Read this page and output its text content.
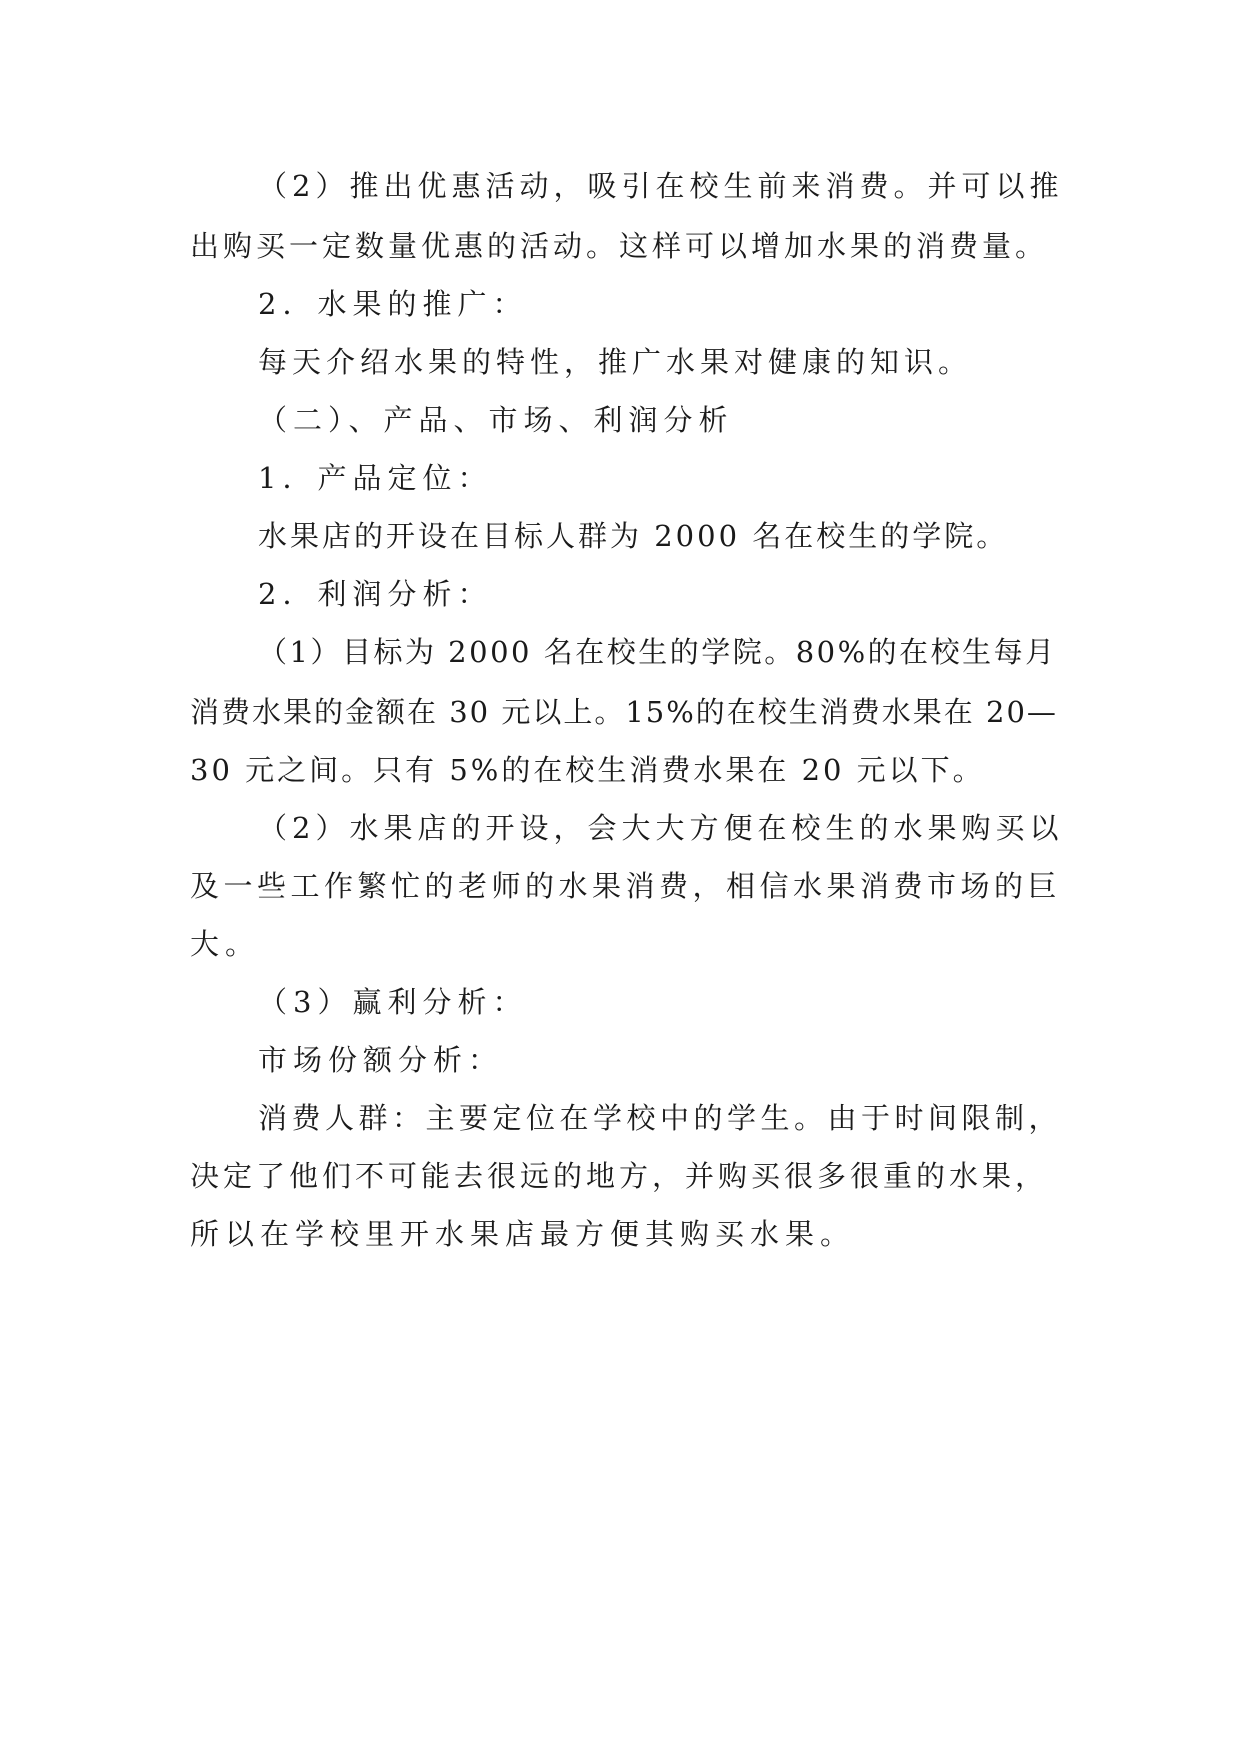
（2）推出优惠活动，吸引在校生前来消费。并可以推
出购买一定数量优惠的活动。这样可以增加水果的消费量。
2．水果的推广：
每天介绍水果的特性，推广水果对健康的知识。
（二）、产品、市场、利润分析
1．产品定位：
水果店的开设在目标人群为 2000 名在校生的学院。
2．利润分析：
（1）目标为 2000 名在校生的学院。80%的在校生每月
消费水果的金额在 30 元以上。15%的在校生消费水果在 20—
30 元之间。只有 5%的在校生消费水果在 20 元以下。
（2）水果店的开设，会大大方便在校生的水果购买以
及一些工作繁忙的老师的水果消费，相信水果消费市场的巨
大。
（3）赢利分析：
市场份额分析：
消费人群：主要定位在学校中的学生。由于时间限制，
决定了他们不可能去很远的地方，并购买很多很重的水果，
所以在学校里开水果店最方便其购买水果。
